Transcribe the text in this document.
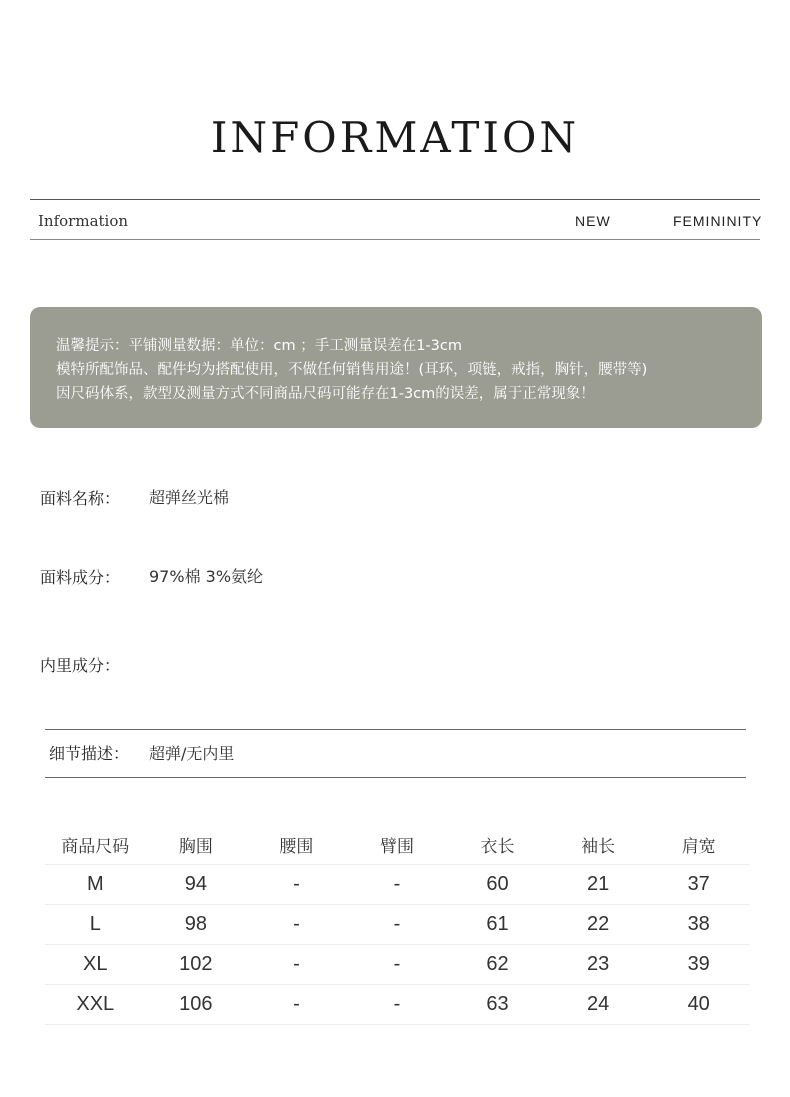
INFORMATION
Information	NEW	FEMININITY
温馨提示：平铺测量数据：单位：cm ；手工测量误差在1-3cm
模特所配饰品、配件均为搭配使用，不做任何销售用途！(耳环，项链，戒指，胸针，腰带等)
因尺码体系，款型及测量方式不同商品尺码可能存在1-3cm的误差，属于正常现象！
面料名称： 超弹丝光棉
面料成分： 97%棉 3%氨纶
内里成分：
细节描述： 超弹/无内里
商品尺码	胸围	腰围	臂围	衣长	袖长	肩宽
M	94	-	-	60	21	37
L	98	-	-	61	22	38
XL	102	-	-	62	23	39
XXL	106	-	-	63	24	40
